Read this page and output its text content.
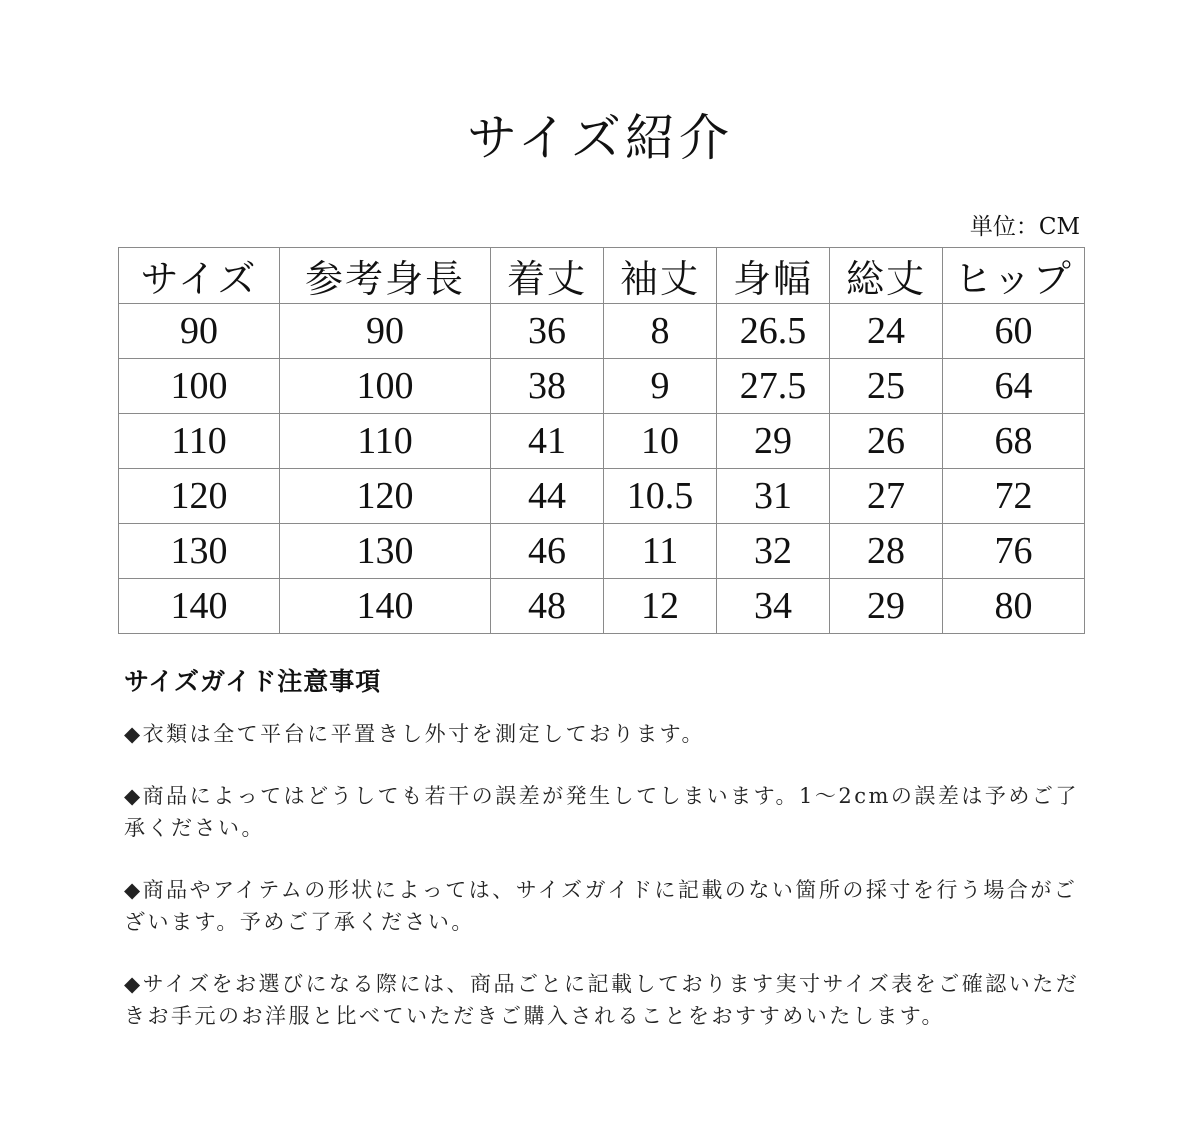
サイズ紹介
単位：CM
サイズ	参考身長	着丈	袖丈	身幅	総丈	ヒップ
90	90	36	8	26.5	24	60
100	100	38	9	27.5	25	64
110	110	41	10	29	26	68
120	120	44	10.5	31	27	72
130	130	46	11	32	28	76
140	140	48	12	34	29	80
サイズガイド注意事項

◆衣類は全て平台に平置きし外寸を測定しております。

◆商品によってはどうしても若干の誤差が発生してしまいます。1〜2cmの誤差は予めご了承ください。

◆商品やアイテムの形状によっては、サイズガイドに記載のない箇所の採寸を行う場合がございます。予めご了承ください。

◆サイズをお選びになる際には、商品ごとに記載しております実寸サイズ表をご確認いただきお手元のお洋服と比べていただきご購入されることをおすすめいたします。
